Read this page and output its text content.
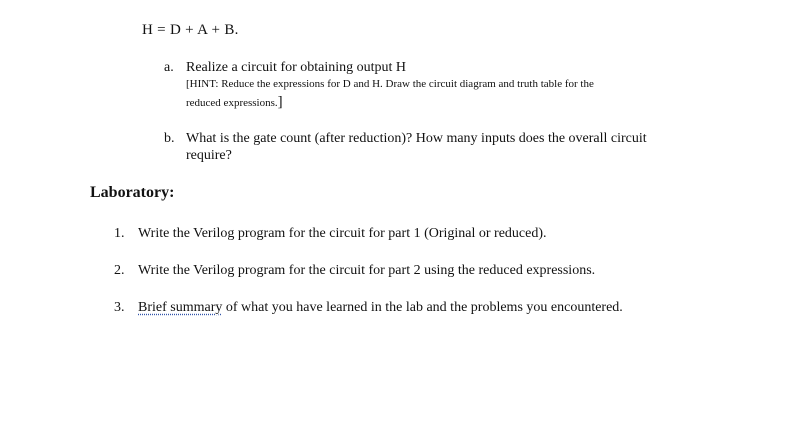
H = D + A + B.
a. Realize a circuit for obtaining output H
[HINT: Reduce the expressions for D and H. Draw the circuit diagram and truth table for the
reduced expressions.]
b. What is the gate count (after reduction)? How many inputs does the overall circuit
require?
Laboratory:
1. Write the Verilog program for the circuit for part 1 (Original or reduced).
2. Write the Verilog program for the circuit for part 2 using the reduced expressions.
3. Brief summary of what you have learned in the lab and the problems you encountered.
